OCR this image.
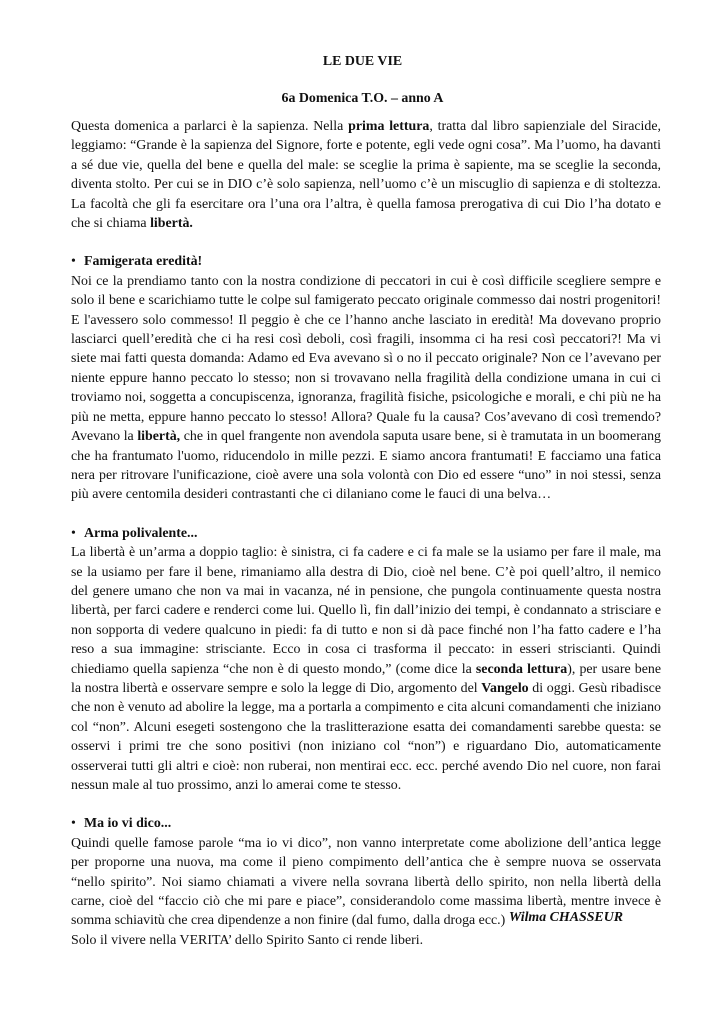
LE DUE VIE
6a Domenica T.O. – anno A

Questa domenica a parlarci è la sapienza. Nella prima lettura, tratta dal libro sapienziale del Siracide, leggiamo: “Grande è la sapienza del Signore, forte e potente, egli vede ogni cosa”. Ma l’uomo, ha davanti a sé due vie, quella del bene e quella del male: se sceglie la prima è sapiente, ma se sceglie la seconda, diventa stolto. Per cui se in DIO c’è solo sapienza, nell’uomo c’è un miscuglio di sapienza e di stoltezza. La facoltà che gli fa esercitare ora l’una ora l’altra, è quella famosa prerogativa di cui Dio l’ha dotato e che si chiama libertà.

• Famigerata eredità!

Noi ce la prendiamo tanto con la nostra condizione di peccatori in cui è così difficile scegliere sempre e solo il bene e scarichiamo tutte le colpe sul famigerato peccato originale commesso dai nostri progenitori! E l'avessero solo commesso! Il peggio è che ce l’hanno anche lasciato in eredità! Ma dovevano proprio lasciarci quell’eredità che ci ha resi così deboli, così fragili, insomma ci ha resi così peccatori?! Ma vi siete mai fatti questa domanda: Adamo ed Eva avevano sì o no il peccato originale? Non ce l’avevano per niente eppure hanno peccato lo stesso; non si trovavano nella fragilità della condizione umana in cui ci troviamo noi, soggetta a concupiscenza, ignoranza, fragilità fisiche, psicologiche e morali, e chi più ne ha più ne metta, eppure hanno peccato lo stesso! Allora? Quale fu la causa? Cos’avevano di così tremendo? Avevano la libertà, che in quel frangente non avendola saputa usare bene, si è tramutata in un boomerang che ha frantumato l'uomo, riducendolo in mille pezzi. E siamo ancora frantumati! E facciamo una fatica nera per ritrovare l'unificazione, cioè avere una sola volontà con Dio ed essere “uno” in noi stessi, senza più avere centomila desideri contrastanti che ci dilaniano come le fauci di una belva…

• Arma polivalente...

La libertà è un’arma a doppio taglio: è sinistra, ci fa cadere e ci fa male se la usiamo per fare il male, ma se la usiamo per fare il bene, rimaniamo alla destra di Dio, cioè nel bene. C’è poi quell’altro, il nemico del genere umano che non va mai in vacanza, né in pensione, che pungola continuamente questa nostra libertà, per farci cadere e renderci come lui. Quello lì, fin dall’inizio dei tempi, è condannato a strisciare e non sopporta di vedere qualcuno in piedi: fa di tutto e non si dà pace finché non l’ha fatto cadere e l’ha reso a sua immagine: strisciante. Ecco in cosa ci trasforma il peccato: in esseri striscianti. Quindi chiediamo quella sapienza “che non è di questo mondo,” (come dice la seconda lettura), per usare bene la nostra libertà e osservare sempre e solo la legge di Dio, argomento del Vangelo di oggi. Gesù ribadisce che non è venuto ad abolire la legge, ma a portarla a compimento e cita alcuni comandamenti che iniziano col “non”. Alcuni esegeti sostengono che la traslitterazione esatta dei comandamenti sarebbe questa: se osservi i primi tre che sono positivi (non iniziano col “non”) e riguardano Dio, automaticamente osserverai tutti gli altri e cioè: non ruberai, non mentirai ecc. ecc. perché avendo Dio nel cuore, non farai nessun male al tuo prossimo, anzi lo amerai come te stesso.

• Ma io vi dico...

Quindi quelle famose parole “ma io vi dico”, non vanno interpretate come abolizione dell’antica legge per proporne una nuova, ma come il pieno compimento dell’antica che è sempre nuova se osservata “nello spirito”. Noi siamo chiamati a vivere nella sovrana libertà dello spirito, non nella libertà della carne, cioè del “faccio ciò che mi pare e piace”, considerandolo come massima libertà, mentre invece è somma schiavitù che crea dipendenze a non finire (dal fumo, dalla droga ecc.)

Solo il vivere nella VERITA’ dello Spirito Santo ci rende liberi.

Wilma CHASSEUR
